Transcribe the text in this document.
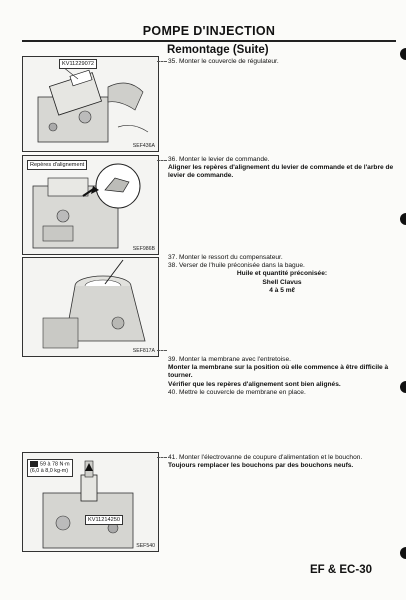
POMPE D'INJECTION
Remontage (Suite)
KV11229072
SEF436A
Repères d'alignement
SEF986B
SEF817A
59 à 78 N·m
(6,0 à 8,0 kg-m)
KV11214250
SEF540
35. Monter le couvercle de régulateur.
36. Monter le levier de commande.
Aligner les repères d'alignement du levier de commande et de l'arbre de levier de commande.
37. Monter le ressort du compensateur.
38. Verser de l'huile préconisée dans la bague.
Huile et quantité préconisée:
Shell Clavus
4 à 5 mℓ
39. Monter la membrane avec l'entretoise.
Monter la membrane sur la position où elle commence à être difficile à tourner.
Vérifier que les repères d'alignement sont bien alignés.
40. Mettre le couvercle de membrane en place.
41. Monter l'électrovanne de coupure d'alimentation et le bouchon.
Toujours remplacer les bouchons par des bouchons neufs.
EF & EC-30
